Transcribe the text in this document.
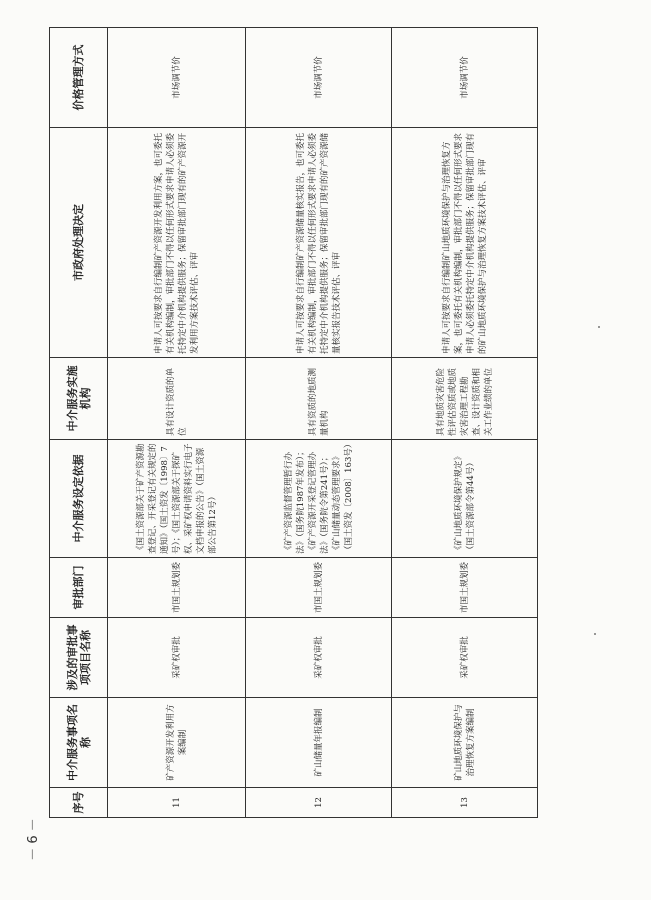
序号	中介服务事项名称	涉及的审批事项项目名称	审批部门	中介服务设定依据	中介服务实施机构	市政府处理决定	价格管理方式
11	矿产资源开发利用方案编制	采矿权审批	市国土规划委	《国土资源部关于矿产资源勘查登记、开采登记有关规定的通知》（国土资发〔1998〕7号）；《国土资源部关于探矿权、采矿权申请资料实行电子文档申报的公告》（国土资源部公告第12号）	具有设计资质的单位	申请人可按要求自行编制矿产资源开发利用方案，也可委托有关机构编制，审批部门不得以任何形式要求申请人必须委托特定中介机构提供服务；保留审批部门现有的矿产资源开发利用方案技术评估、评审	市场调节价
12	矿山储量年报编制	采矿权审批	市国土规划委	《矿产资源监督管理暂行办法》（国务院1987年发布）；《矿产资源开采登记管理办法》（国务院令第241号）；《矿山储量动态管理要求》（国土资发〔2008〕163号）	具有资质的地质测量机构	申请人可按要求自行编制矿产资源储量核实报告，也可委托有关机构编制，审批部门不得以任何形式要求申请人必须委托特定中介机构提供服务；保留审批部门现有的矿产资源储量核实报告技术评估、评审	市场调节价
13	矿山地质环境保护与治理恢复方案编制	采矿权审批	市国土规划委	《矿山地质环境保护规定》（国土资源部令第44号）	具有地质灾害危险性评估资质或地质灾害治理工程勘查、设计资质和相关工作业绩的单位	申请人可按要求自行编制矿山地质环境保护与治理恢复方案，也可委托有关机构编制，审批部门不得以任何形式要求申请人必须委托特定中介机构提供服务；保留审批部门现有的矿山地质环境保护与治理恢复方案技术评估、评审	市场调节价
－ 6 －
